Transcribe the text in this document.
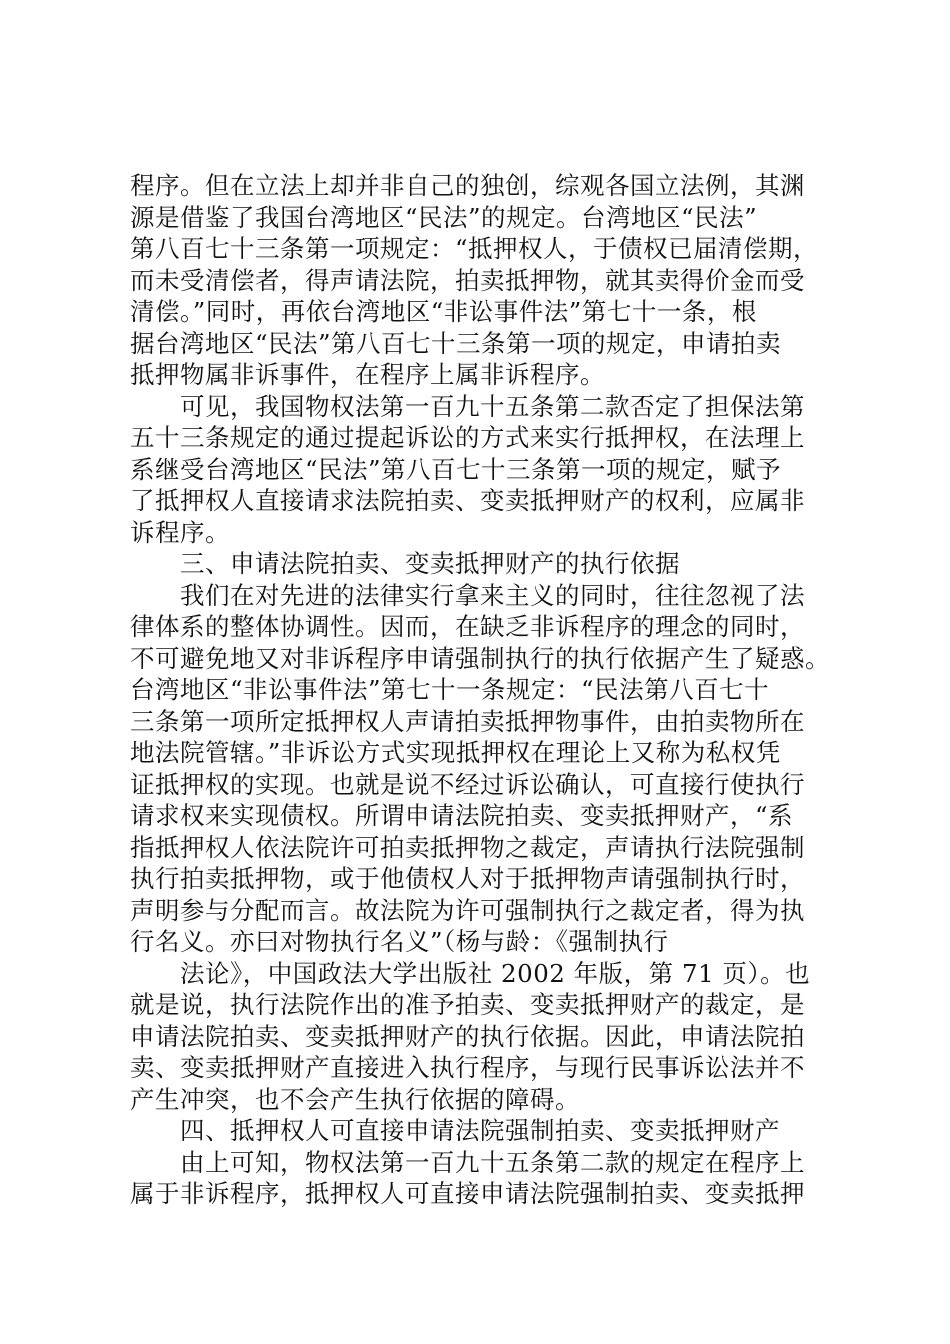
程序。但在立法上却并非自己的独创，综观各国立法例，其渊
源是借鉴了我国台湾地区“民法”的规定。台湾地区“民法”
第八百七十三条第一项规定：“抵押权人，于债权已届清偿期，
而未受清偿者，得声请法院，拍卖抵押物，就其卖得价金而受
清偿。”同时，再依台湾地区“非讼事件法”第七十一条，根
据台湾地区“民法”第八百七十三条第一项的规定，申请拍卖
抵押物属非诉事件，在程序上属非诉程序。
　　可见，我国物权法第一百九十五条第二款否定了担保法第
五十三条规定的通过提起诉讼的方式来实行抵押权，在法理上
系继受台湾地区“民法”第八百七十三条第一项的规定，赋予
了抵押权人直接请求法院拍卖、变卖抵押财产的权利，应属非
诉程序。
　　三、申请法院拍卖、变卖抵押财产的执行依据
　　我们在对先进的法律实行拿来主义的同时，往往忽视了法
律体系的整体协调性。因而，在缺乏非诉程序的理念的同时，
不可避免地又对非诉程序申请强制执行的执行依据产生了疑惑。
台湾地区“非讼事件法”第七十一条规定：“民法第八百七十
三条第一项所定抵押权人声请拍卖抵押物事件，由拍卖物所在
地法院管辖。”非诉讼方式实现抵押权在理论上又称为私权凭
证抵押权的实现。也就是说不经过诉讼确认，可直接行使执行
请求权来实现债权。所谓申请法院拍卖、变卖抵押财产，“系
指抵押权人依法院许可拍卖抵押物之裁定，声请执行法院强制
执行拍卖抵押物，或于他债权人对于抵押物声请强制执行时，
声明参与分配而言。故法院为许可强制执行之裁定者，得为执
行名义。亦曰对物执行名义”（杨与龄：《强制执行
　　法论》，中国政法大学出版社 2002 年版，第 71 页）。也
就是说，执行法院作出的准予拍卖、变卖抵押财产的裁定，是
申请法院拍卖、变卖抵押财产的执行依据。因此，申请法院拍
卖、变卖抵押财产直接进入执行程序，与现行民事诉讼法并不
产生冲突，也不会产生执行依据的障碍。
　　四、抵押权人可直接申请法院强制拍卖、变卖抵押财产
　　由上可知，物权法第一百九十五条第二款的规定在程序上
属于非诉程序，抵押权人可直接申请法院强制拍卖、变卖抵押
